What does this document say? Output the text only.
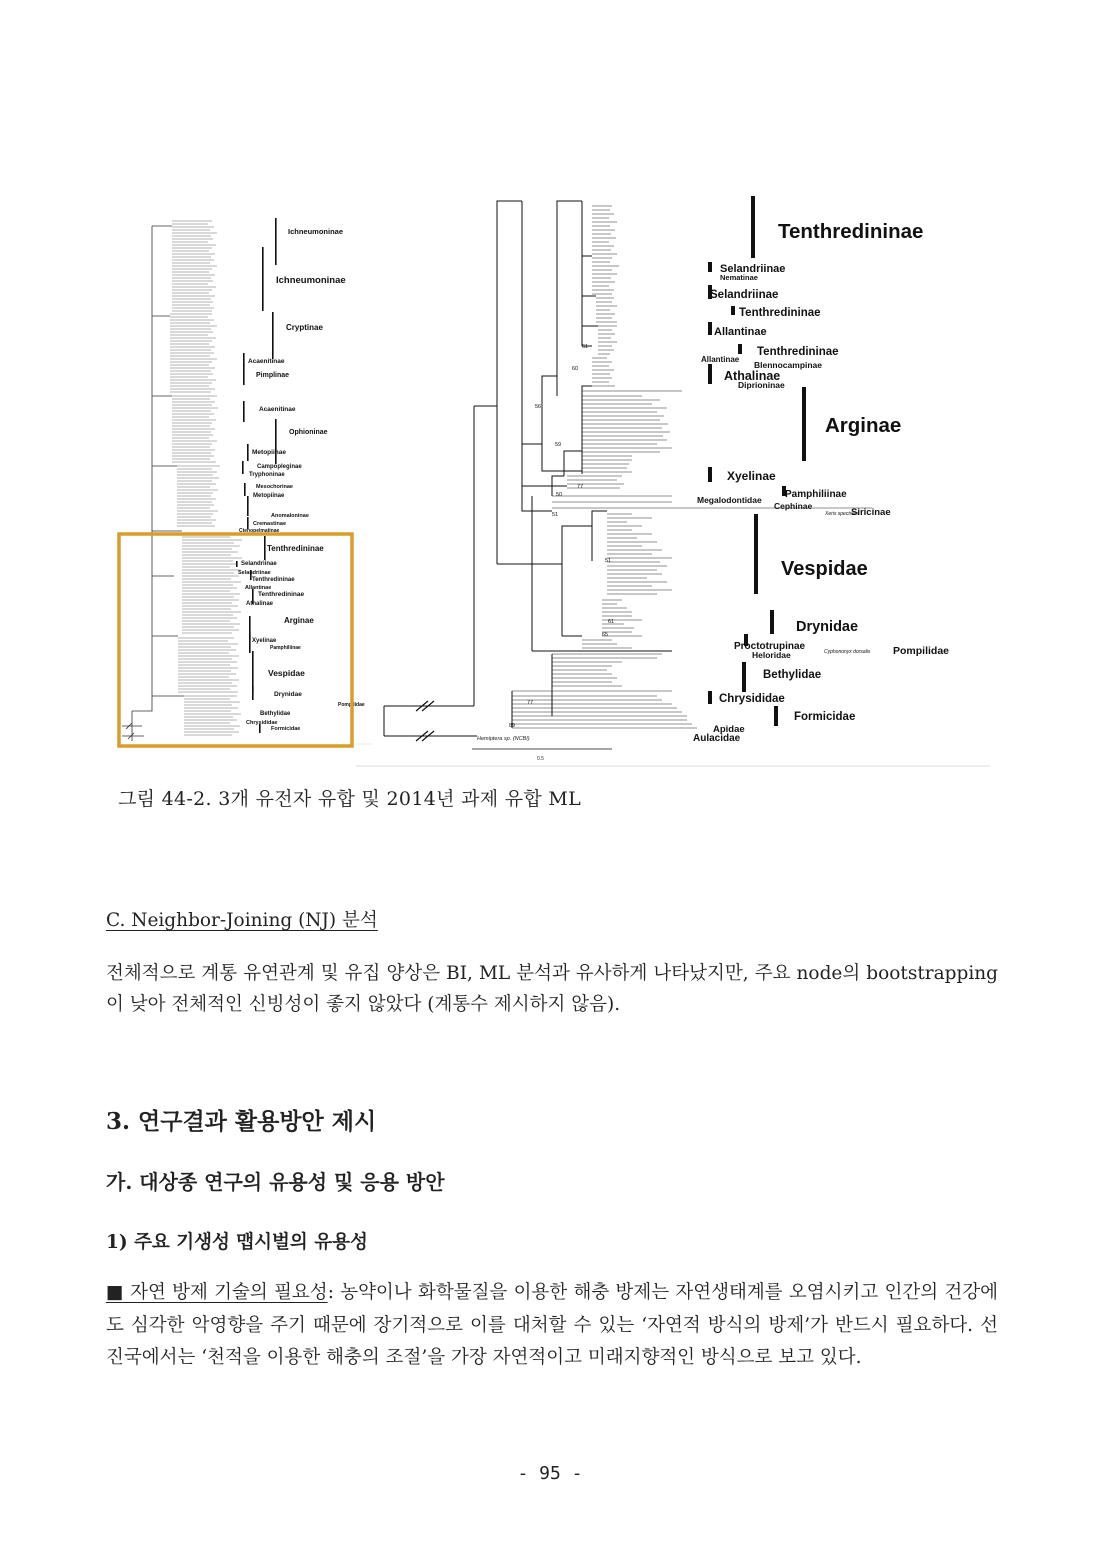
Ichneumoninae
Ichneumoninae
Cryptinae
Acaenitinae
Pimplinae
Acaenitinae
Ophioninae
Metopiinae
Campopleginae
Tryphoninae
Mesochorinae
Metopiinae
Anomaloninae
Cremastinae
Ctenopelmatinae
Tenthredininae
Selandriinae
Selandriinae
Tenthredininae
Allantinae
Tenthredininae
Athalinae
Arginae
Xyelinae
Pamphiliinae
Vespidae
Drynidae
Pompilidae
Bethylidae
Chrysididae
Formicidae
0.5
Hemiptera sp. (NCBI)
61
60
56
59
77
50
51
51
61
65
77
89
Tenthredininae
Selandriinae
Nematinae
Selandriinae
Tenthredininae
Allantinae
Tenthredininae
Allantinae
Blennocampinae
Athalinae
Diprioninae
Arginae
Xyelinae
Pamphiliinae
Megalodontidae
Cephinae
Xeris spectrum
Siricinae
Vespidae
Drynidae
Proctotrupinae
Heloridae	Cyphononyx dorsalis Pompilidae
Bethylidae
Chrysididae
Formicidae
Apidae
Aulacidae
그림 44-2. 3개 유전자 유합 및 2014년 과제 유합 ML
C. Neighbor-Joining (NJ) 분석
전체적으로 계통 유연관계 및 유집 양상은 BI, ML 분석과 유사하게 나타났지만, 주요 node의 bootstrapping이 낮아 전체적인 신빙성이 좋지 않았다 (계통수 제시하지 않음).
3. 연구결과 활용방안 제시
가. 대상종 연구의 유용성 및 응용 방안
1) 주요 기생성 맵시벌의 유용성
■ 자연 방제 기술의 필요성: 농약이나 화학물질을 이용한 해충 방제는 자연생태계를 오염시키고 인간의 건강에도 심각한 악영향을 주기 때문에 장기적으로 이를 대처할 수 있는 ‘자연적 방식의 방제’가 반드시 필요하다. 선진국에서는 ‘천적을 이용한 해충의 조절’을 가장 자연적이고 미래지향적인 방식으로 보고 있다.
- 95 -
